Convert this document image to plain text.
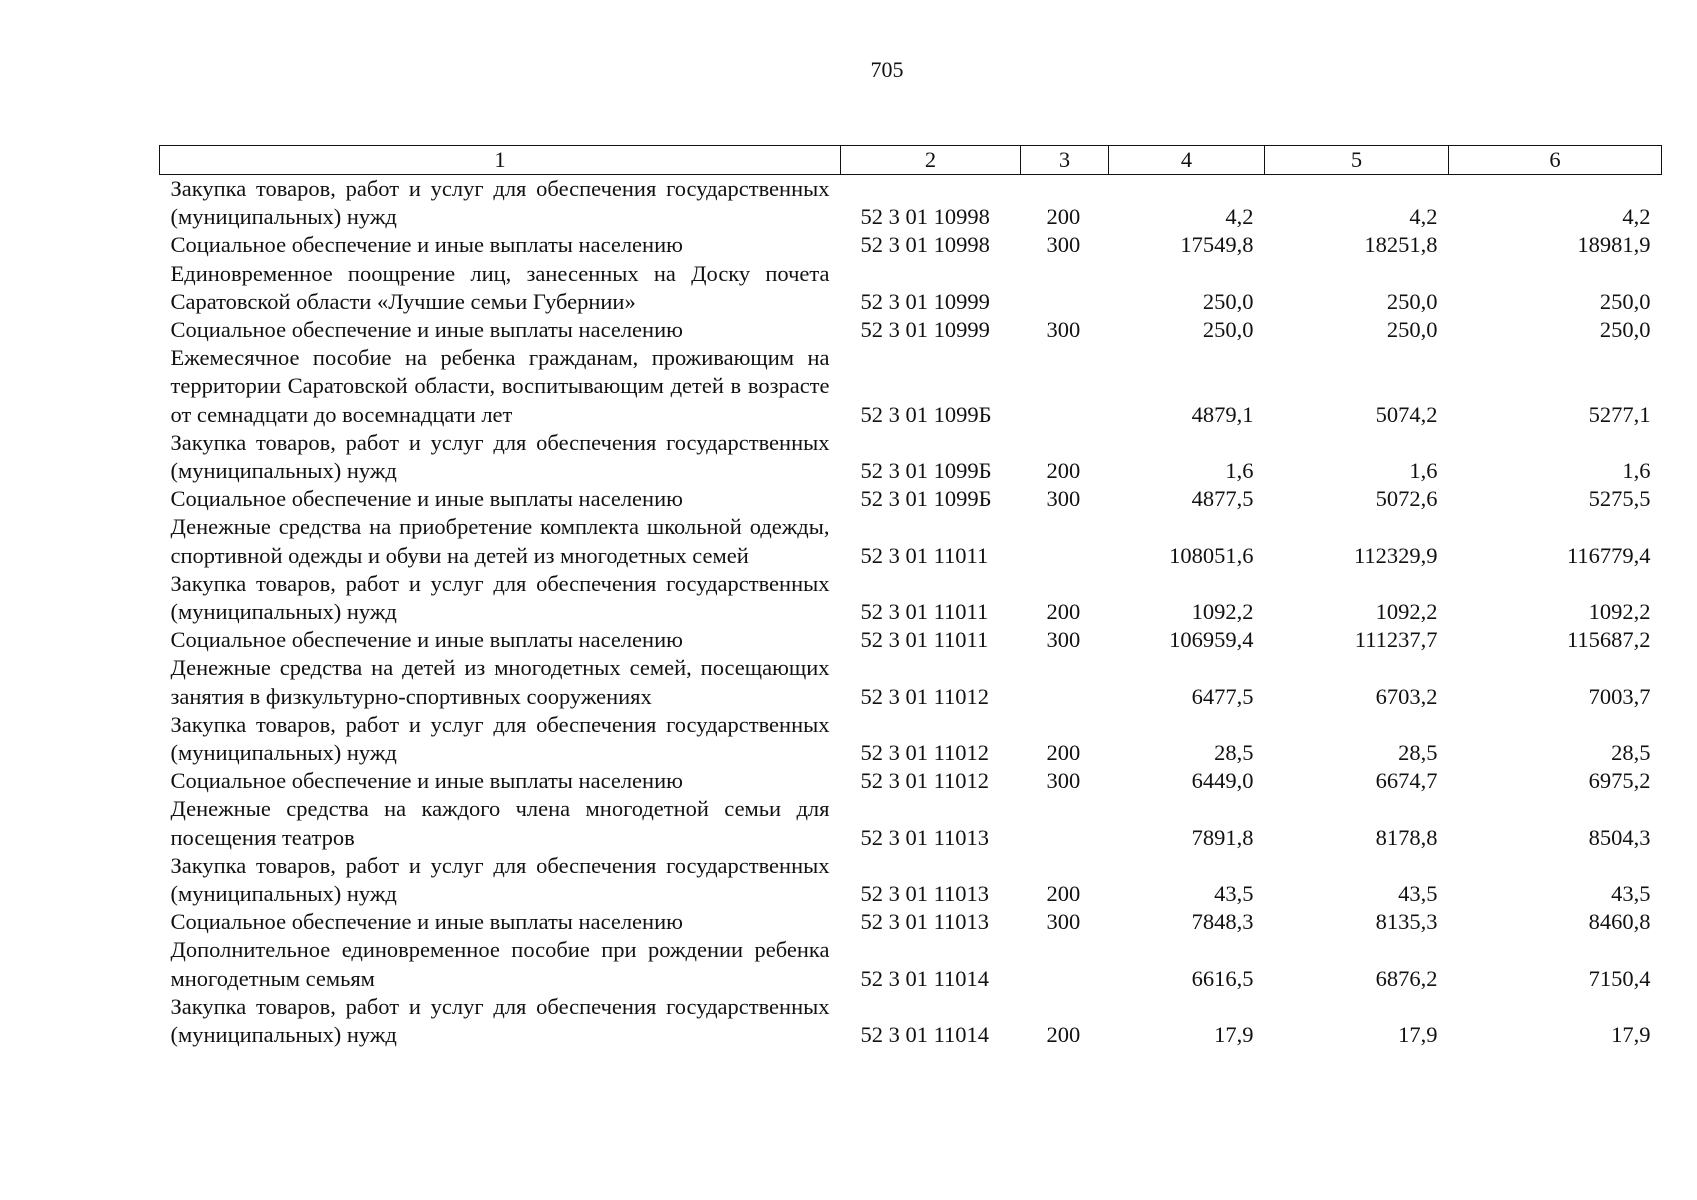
705
1	2	3	4	5	6
Закупка товаров, работ и услуг для обеспечения государственных (муниципальных) нужд	52 3 01 10998	200	4,2	4,2	4,2
Социальное обеспечение и иные выплаты населению	52 3 01 10998	300	17549,8	18251,8	18981,9
Единовременное поощрение лиц, занесенных на Доску почета Саратовской области «Лучшие семьи Губернии»	52 3 01 10999		250,0	250,0	250,0
Социальное обеспечение и иные выплаты населению	52 3 01 10999	300	250,0	250,0	250,0
Ежемесячное пособие на ребенка гражданам, проживающим на территории Саратовской области, воспитывающим детей в возрасте от семнадцати до восемнадцати лет	52 3 01 1099Б		4879,1	5074,2	5277,1
Закупка товаров, работ и услуг для обеспечения государственных (муниципальных) нужд	52 3 01 1099Б	200	1,6	1,6	1,6
Социальное обеспечение и иные выплаты населению	52 3 01 1099Б	300	4877,5	5072,6	5275,5
Денежные средства на приобретение комплекта школьной одежды, спортивной одежды и обуви на детей из многодетных семей	52 3 01 11011		108051,6	112329,9	116779,4
Закупка товаров, работ и услуг для обеспечения государственных (муниципальных) нужд	52 3 01 11011	200	1092,2	1092,2	1092,2
Социальное обеспечение и иные выплаты населению	52 3 01 11011	300	106959,4	111237,7	115687,2
Денежные средства на детей из многодетных семей, посещающих занятия в физкультурно-спортивных сооружениях	52 3 01 11012		6477,5	6703,2	7003,7
Закупка товаров, работ и услуг для обеспечения государственных (муниципальных) нужд	52 3 01 11012	200	28,5	28,5	28,5
Социальное обеспечение и иные выплаты населению	52 3 01 11012	300	6449,0	6674,7	6975,2
Денежные средства на каждого члена многодетной семьи для посещения театров	52 3 01 11013		7891,8	8178,8	8504,3
Закупка товаров, работ и услуг для обеспечения государственных (муниципальных) нужд	52 3 01 11013	200	43,5	43,5	43,5
Социальное обеспечение и иные выплаты населению	52 3 01 11013	300	7848,3	8135,3	8460,8
Дополнительное единовременное пособие при рождении ребенка многодетным семьям	52 3 01 11014		6616,5	6876,2	7150,4
Закупка товаров, работ и услуг для обеспечения государственных (муниципальных) нужд	52 3 01 11014	200	17,9	17,9	17,9
